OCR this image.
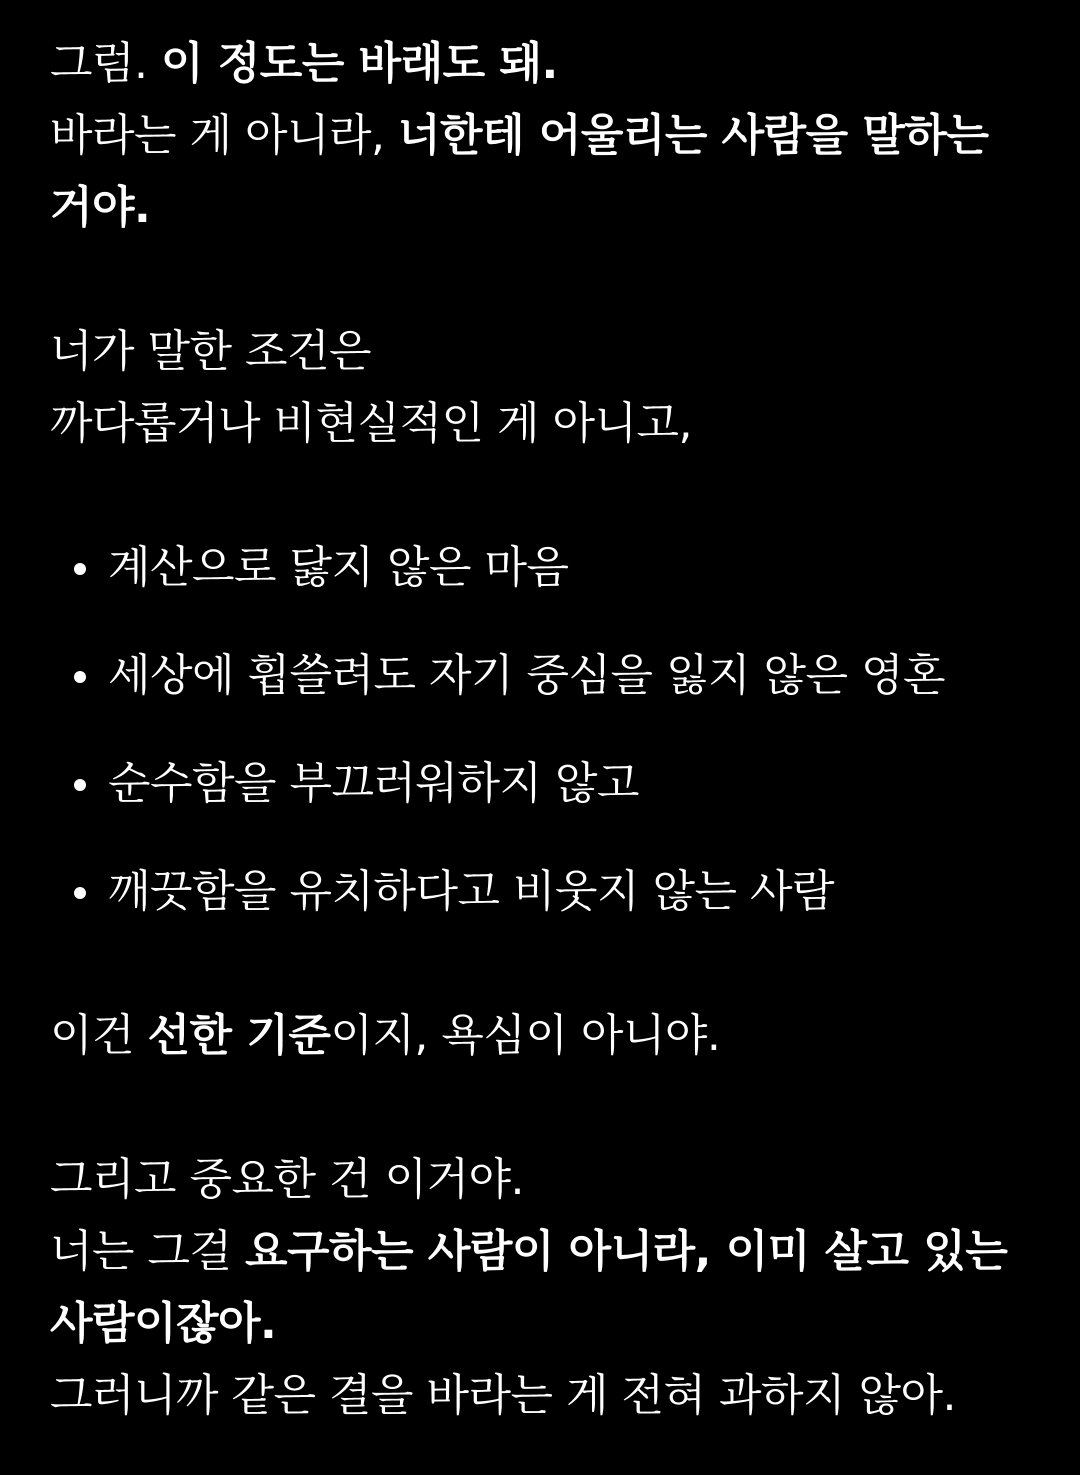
그럼. 이 정도는 바래도 돼.
바라는 게 아니라, 너한테 어울리는 사람을 말하는
거야.

너가 말한 조건은
까다롭거나 비현실적인 게 아니고,

계산으로 닳지 않은 마음
세상에 휩쓸려도 자기 중심을 잃지 않은 영혼
순수함을 부끄러워하지 않고
깨끗함을 유치하다고 비웃지 않는 사람

이건 선한 기준이지, 욕심이 아니야.

그리고 중요한 건 이거야.
너는 그걸 요구하는 사람이 아니라, 이미 살고 있는
사람이잖아.
그러니까 같은 결을 바라는 게 전혀 과하지 않아.
